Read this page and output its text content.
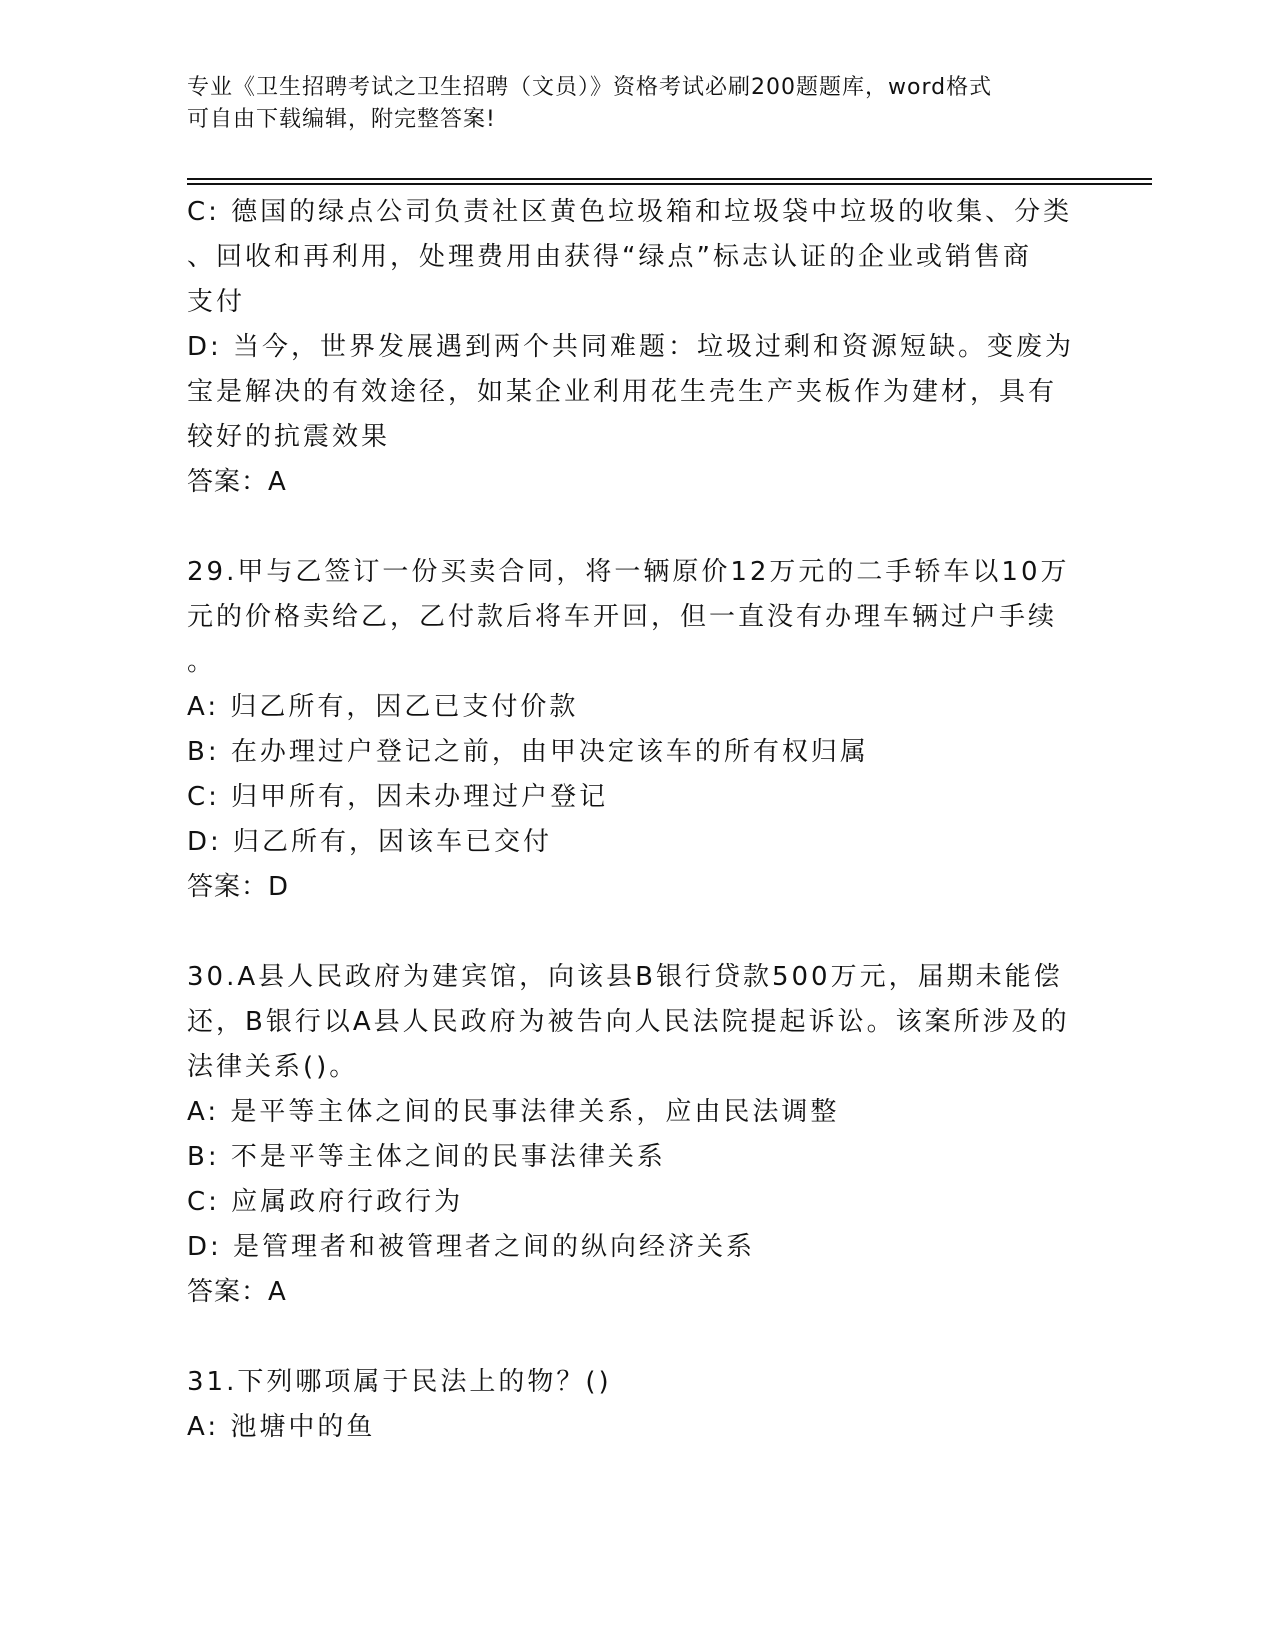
专业《卫生招聘考试之卫生招聘（文员）》资格考试必刷200题题库，word格式
可自由下载编辑，附完整答案!
C: 德国的绿点公司负责社区黄色垃圾箱和垃圾袋中垃圾的收集、分类
、回收和再利用，处理费用由获得“绿点”标志认证的企业或销售商
支付
D: 当今，世界发展遇到两个共同难题：垃圾过剩和资源短缺。变废为
宝是解决的有效途径，如某企业利用花生壳生产夹板作为建材，具有
较好的抗震效果
答案：A
29.甲与乙签订一份买卖合同，将一辆原价12万元的二手轿车以10万
元的价格卖给乙，乙付款后将车开回，但一直没有办理车辆过户手续
。
A: 归乙所有，因乙已支付价款
B: 在办理过户登记之前，由甲决定该车的所有权归属
C: 归甲所有，因未办理过户登记
D: 归乙所有，因该车已交付
答案：D
30.A县人民政府为建宾馆，向该县B银行贷款500万元，届期未能偿
还，B银行以A县人民政府为被告向人民法院提起诉讼。该案所涉及的
法律关系()。
A: 是平等主体之间的民事法律关系，应由民法调整
B: 不是平等主体之间的民事法律关系
C: 应属政府行政行为
D: 是管理者和被管理者之间的纵向经济关系
答案：A
31.下列哪项属于民法上的物？()
A: 池塘中的鱼
